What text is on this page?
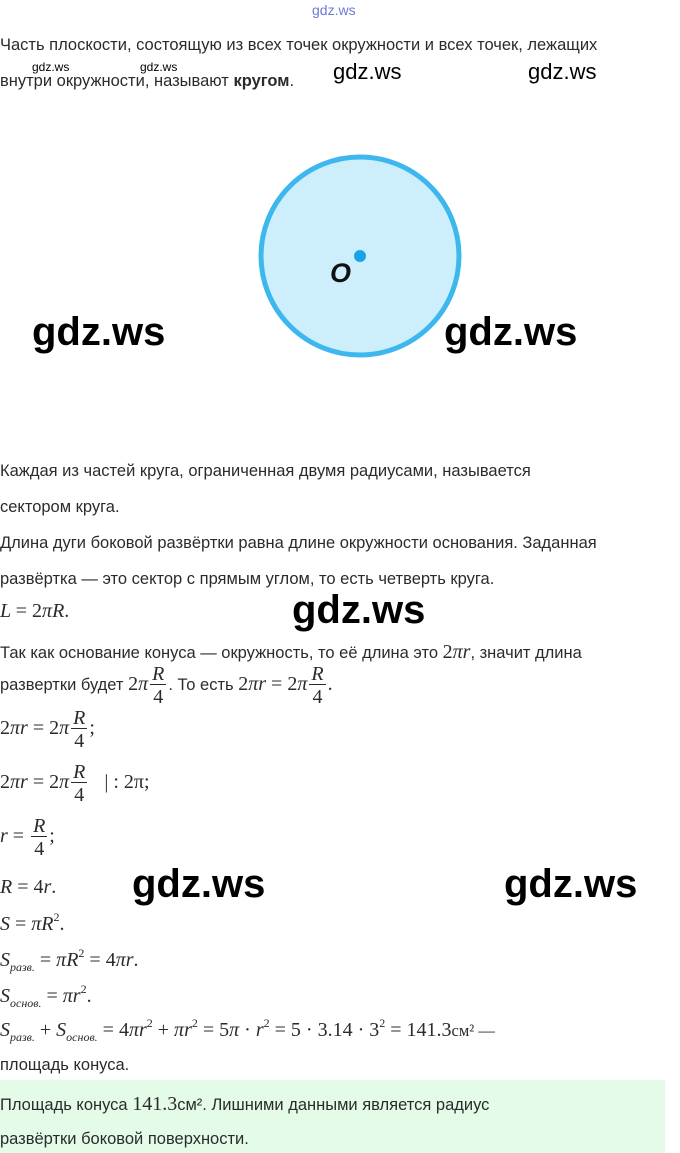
gdz.ws
gdz.ws	gdz.ws	gdz.ws	gdz.ws
gdz.ws	gdz.ws
gdz.ws
gdz.ws	gdz.ws
Часть плоскости, состоящую из всех точек окружности и всех точек, лежащих
внутри окружности, называют кругом.
O
Каждая из частей круга, ограниченная двумя радиусами, называется
сектором круга.
Длина дуги боковой развёртки равна длине окружности основания. Заданная
развёртка — это сектор с прямым углом, то есть четверть круга.
L = 2πR.
Так как основание конуса — окружность, то её длина это 2πr, значит длина
развертки будет $2\pi \frac{R}{4}$ . То есть $2\pi r = 2\pi \frac{R}{4}$ .
$2\pi r = 2\pi \frac{R}{4}$ ;
$2\pi r = 2\pi \frac{R}{4}$ | : 2π;
$r = \frac{R}{4}$ ;
R = 4r.
$S = \pi R^2$.
$S_{разв.} = \pi R^2 = 4\pi r$.
$S_{основ.} = \pi r^2$.
$S_{разв.} + S_{основ.} = 4\pi r^2 + \pi r^2 = 5\pi \cdot r^2 = 5 \cdot 3.14 \cdot 3^2 = 141.3см^2$ —
площадь конуса.
Площадь конуса 141.3см². Лишними данными является радиус
развёртки боковой поверхности.
